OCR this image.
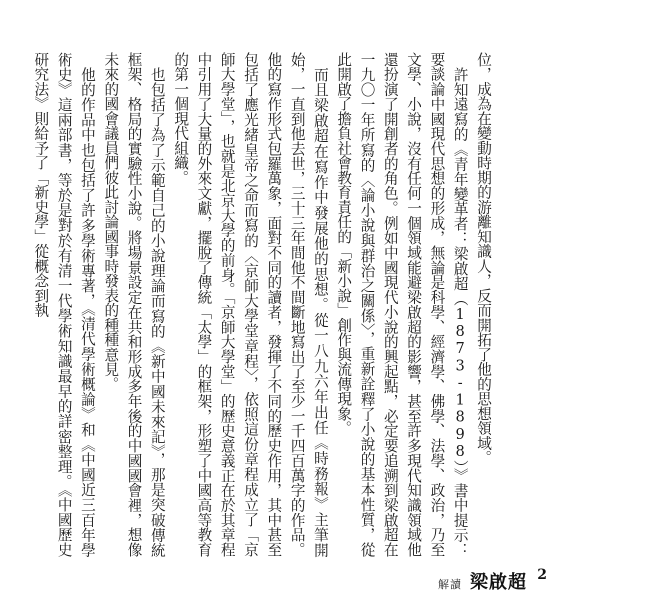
位，成為在變動時期的游離知識人，反而開拓了他的思想領域。

許知遠寫的《青年變革者：梁啟超（1873-1898）》書中提示：要談論中國現代思想的形成，無論是科學、經濟學、佛學、法學、政治，乃至文學、小說，沒有任何一個領域能避梁啟超的影響，甚至許多現代知識領域他還扮演了開創者的角色。例如中國現代小說的興起點，必定要追溯到梁啟超在一九〇一年所寫的〈論小說與群治之關係〉，重新詮釋了小說的基本性質，從此開啟了擔負社會教育責任的「新小說」創作與流傳現象。

而且梁啟超在寫作中發展他的思想。從一八九六年出任《時務報》主筆開始，一直到他去世，三十三年間他不間斷地寫出了至少一千四百萬字的作品。他的寫作形式包羅萬象，面對不同的讀者，發揮了不同的歷史作用，其中甚至包括了應光緒皇帝之命而寫的〈京師大學堂章程〉，依照這份章程成立了「京師大學堂」，也就是北京大學的前身。「京師大學堂」的歷史意義正在於其章程中引用了大量的外來文獻，擺脫了傳統「太學」的框架，形塑了中國高等教育的第一個現代組織。

也包括了為了示範自己的小說理論而寫的《新中國未來記》，那是突破傳統框架、格局的實驗性小說。將場景設定在共和形成多年後的中國國會裡，想像未來的國會議員們彼此討論國事時發表的種種意見。

他的作品中也包括了許多學術專著，《清代學術概論》和《中國近三百年學術史》這兩部書，等於是對於有清一代學術知識最早的詳密整理。《中國歷史研究法》則給予了「新史學」從概念到執

解讀 梁啟超 2
